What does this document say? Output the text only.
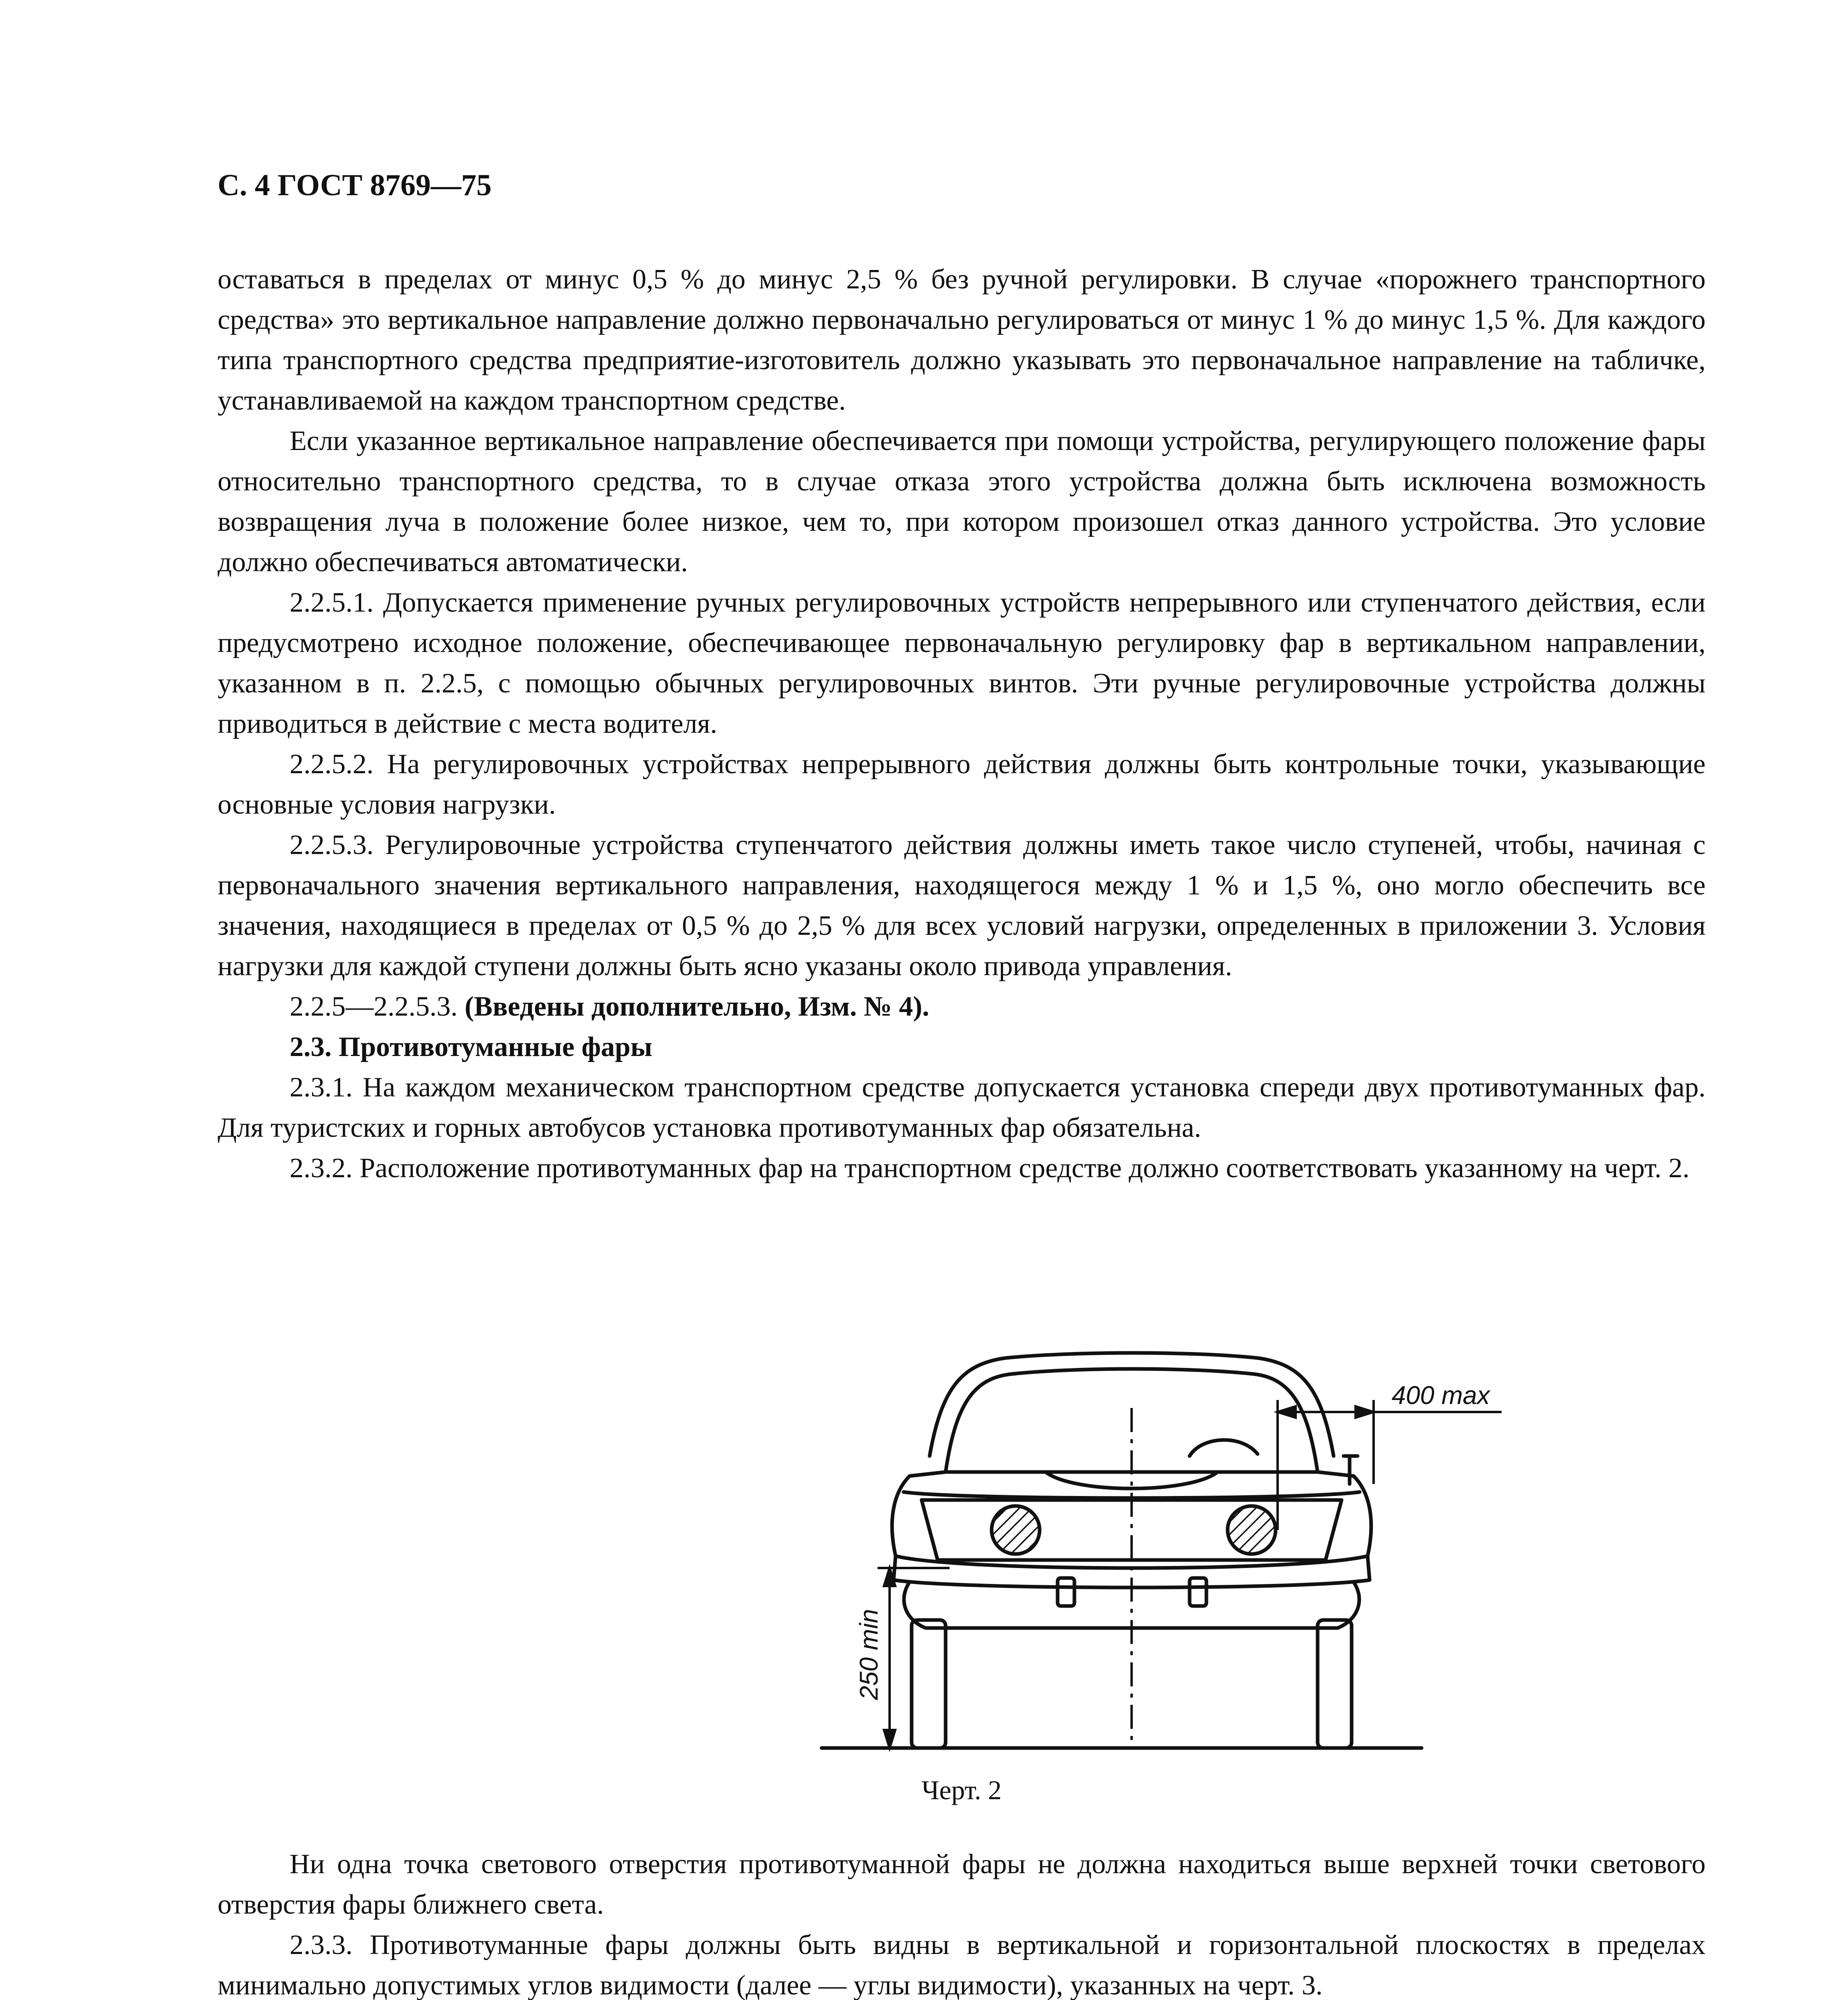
С. 4 ГОСТ 8769—75

оставаться в пределах от минус 0,5 % до минус 2,5 % без ручной регулировки. В случае «порожнего транспортного средства» это вертикальное направление должно первоначально регулироваться от минус 1 % до минус 1,5 %. Для каждого типа транспортного средства предприятие-изготовитель должно указывать это первоначальное направление на табличке, устанавливаемой на каждом транспортном средстве.

Если указанное вертикальное направление обеспечивается при помощи устройства, регулирующего положение фары относительно транспортного средства, то в случае отказа этого устройства должна быть исключена возможность возвращения луча в положение более низкое, чем то, при котором произошел отказ данного устройства. Это условие должно обеспечиваться автоматически.

2.2.5.1. Допускается применение ручных регулировочных устройств непрерывного или ступенчатого действия, если предусмотрено исходное положение, обеспечивающее первоначальную регулировку фар в вертикальном направлении, указанном в п. 2.2.5, с помощью обычных регулировочных винтов. Эти ручные регулировочные устройства должны приводиться в действие с места водителя.

2.2.5.2. На регулировочных устройствах непрерывного действия должны быть контрольные точки, указывающие основные условия нагрузки.

2.2.5.3. Регулировочные устройства ступенчатого действия должны иметь такое число ступеней, чтобы, начиная с первоначального значения вертикального направления, находящегося между 1 % и 1,5 %, оно могло обеспечить все значения, находящиеся в пределах от 0,5 % до 2,5 % для всех условий нагрузки, определенных в приложении 3. Условия нагрузки для каждой ступени должны быть ясно указаны около привода управления.

2.2.5—2.2.5.3. (Введены дополнительно, Изм. № 4).

2.3. Противотуманные фары

2.3.1. На каждом механическом транспортном средстве допускается установка спереди двух противотуманных фар. Для туристских и горных автобусов установка противотуманных фар обязательна.

2.3.2. Расположение противотуманных фар на транспортном средстве должно соответствовать указанному на черт. 2.

400 max
250 min
Черт. 2

Ни одна точка светового отверстия противотуманной фары не должна находиться выше верхней точки светового отверстия фары ближнего света.

2.3.3. Противотуманные фары должны быть видны в вертикальной и горизонтальной плоскостях в пределах минимально допустимых углов видимости (далее — углы видимости), указанных на черт. 3.
